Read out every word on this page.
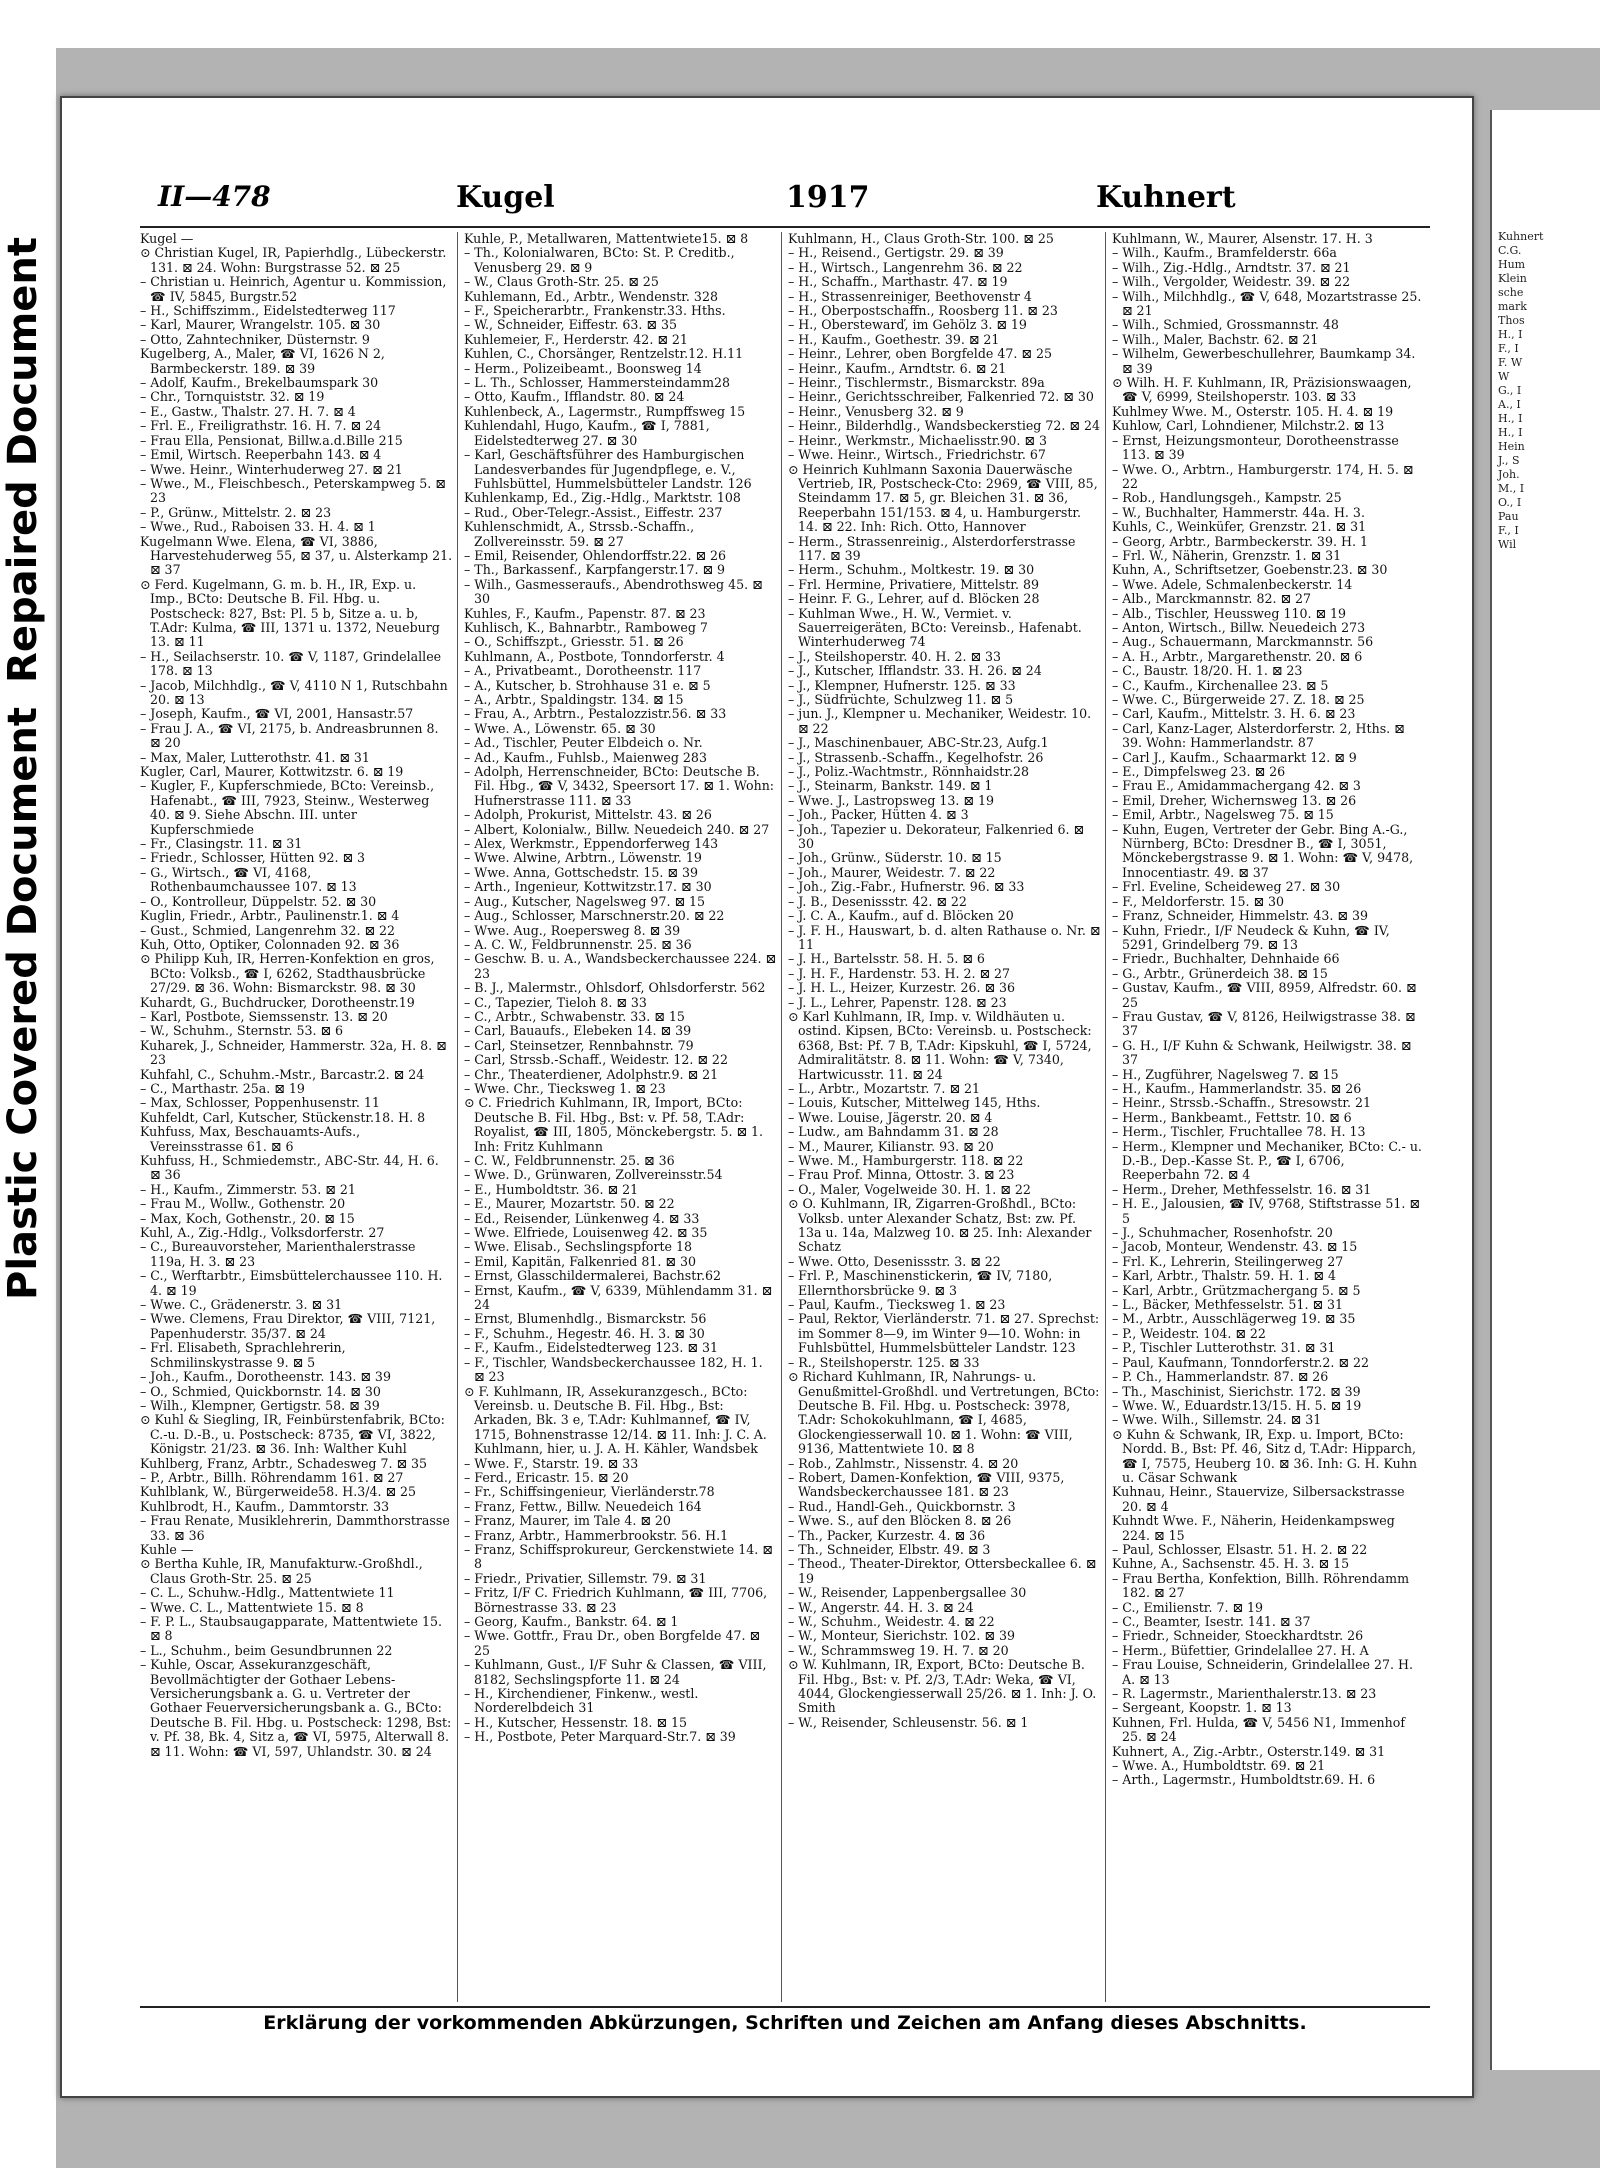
Plastic Covered DocumentRepaired Document
Kuhnert
C.G.
Hum
Klein
sche
mark
Thos
H., I
F., I
F. W
W
G., I
A., I
H., I
H., I
Hein
J., S
Joh.
M., I
O., I
Pau
F., I
Wil
II—478	Kugel	1917	Kuhnert
Kugel —
⊙ Christian Kugel, IR, Papierhdlg., Lübeckerstr. 131. ⊠ 24. Wohn: Burgstrasse 52. ⊠ 25
– Christian u. Heinrich, Agentur u. Kommission, ☎ IV, 5845, Burgstr.52
– H., Schiffszimm., Eidelstedterweg 117
– Karl, Maurer, Wrangelstr. 105. ⊠ 30
– Otto, Zahntechniker, Düsternstr. 9
Kugelberg, A., Maler, ☎ VI, 1626 N 2, Barmbeckerstr. 189. ⊠ 39
– Adolf, Kaufm., Brekelbaumspark 30
– Chr., Tornquiststr. 32. ⊠ 19
– E., Gastw., Thalstr. 27. H. 7. ⊠ 4
– Frl. E., Freiligrathstr. 16. H. 7. ⊠ 24
– Frau Ella, Pensionat, Billw.a.d.Bille 215
– Emil, Wirtsch. Reeperbahn 143. ⊠ 4
– Wwe. Heinr., Winterhuderweg 27. ⊠ 21
– Wwe., M., Fleischbesch., Peterskampweg 5. ⊠ 23
– P., Grünw., Mittelstr. 2. ⊠ 23
– Wwe., Rud., Raboisen 33. H. 4. ⊠ 1
Kugelmann Wwe. Elena, ☎ VI, 3886, Harvestehuderweg 55, ⊠ 37, u. Alsterkamp 21. ⊠ 37
⊙ Ferd. Kugelmann, G. m. b. H., IR, Exp. u. Imp., BCto: Deutsche B. Fil. Hbg. u. Postscheck: 827, Bst: Pl. 5 b, Sitze a. u. b, T.Adr: Kulma, ☎ III, 1371 u. 1372, Neueburg 13. ⊠ 11
– H., Seilachserstr. 10. ☎ V, 1187, Grindelallee 178. ⊠ 13
– Jacob, Milchhdlg., ☎ V, 4110 N 1, Rutschbahn 20. ⊠ 13
– Joseph, Kaufm., ☎ VI, 2001, Hansastr.57
– Frau J. A., ☎ VI, 2175, b. Andreasbrunnen 8. ⊠ 20
– Max, Maler, Lutterothstr. 41. ⊠ 31
Kugler, Carl, Maurer, Kottwitzstr. 6. ⊠ 19
– Kugler, F., Kupferschmiede, BCto: Vereinsb., Hafenabt., ☎ III, 7923, Steinw., Westerweg 40. ⊠ 9. Siehe Abschn. III. unter Kupferschmiede
– Fr., Clasingstr. 11. ⊠ 31
– Friedr., Schlosser, Hütten 92. ⊠ 3
– G., Wirtsch., ☎ VI, 4168, Rothenbaumchaussee 107. ⊠ 13
– O., Kontrolleur, Düppelstr. 52. ⊠ 30
Kuglin, Friedr., Arbtr., Paulinenstr.1. ⊠ 4
– Gust., Schmied, Langenrehm 32. ⊠ 22
Kuh, Otto, Optiker, Colonnaden 92. ⊠ 36
⊙ Philipp Kuh, IR, Herren-Konfektion en gros, BCto: Volksb., ☎ I, 6262, Stadthausbrücke 27/29. ⊠ 36. Wohn: Bismarckstr. 98. ⊠ 30
Kuhardt, G., Buchdrucker, Dorotheenstr.19
– Karl, Postbote, Siemssenstr. 13. ⊠ 20
– W., Schuhm., Sternstr. 53. ⊠ 6
Kuharek, J., Schneider, Hammerstr. 32a, H. 8. ⊠ 23
Kuhfahl, C., Schuhm.-Mstr., Barcastr.2. ⊠ 24
– C., Marthastr. 25a. ⊠ 19
– Max, Schlosser, Poppenhusenstr. 11
Kuhfeldt, Carl, Kutscher, Stückenstr.18. H. 8
Kuhfuss, Max, Beschauamts-Aufs., Vereinsstrasse 61. ⊠ 6
Kuhfuss, H., Schmiedemstr., ABC-Str. 44, H. 6. ⊠ 36
– H., Kaufm., Zimmerstr. 53. ⊠ 21
– Frau M., Wollw., Gothenstr. 20
– Max, Koch, Gothenstr., 20. ⊠ 15
Kuhl, A., Zig.-Hdlg., Volksdorferstr. 27
– C., Bureauvorsteher, Marienthalerstrasse 119a, H. 3. ⊠ 23
– C., Werftarbtr., Eimsbüttelerchaussee 110. H. 4. ⊠ 19
– Wwe. C., Grädenerstr. 3. ⊠ 31
– Wwe. Clemens, Frau Direktor, ☎ VIII, 7121, Papenhuderstr. 35/37. ⊠ 24
– Frl. Elisabeth, Sprachlehrerin, Schmilinskystrasse 9. ⊠ 5
– Joh., Kaufm., Dorotheenstr. 143. ⊠ 39
– O., Schmied, Quickbornstr. 14. ⊠ 30
– Wilh., Klempner, Gertigstr. 58. ⊠ 39
⊙ Kuhl & Siegling, IR, Feinbürstenfabrik, BCto: C.-u. D.-B., u. Postscheck: 8735, ☎ VI, 3822, Königstr. 21/23. ⊠ 36. Inh: Walther Kuhl
Kuhlberg, Franz, Arbtr., Schadesweg 7. ⊠ 35
– P., Arbtr., Billh. Röhrendamm 161. ⊠ 27
Kuhlblank, W., Bürgerweide58. H.3/4. ⊠ 25
Kuhlbrodt, H., Kaufm., Dammtorstr. 33
– Frau Renate, Musiklehrerin, Dammthorstrasse 33. ⊠ 36
Kuhle —
⊙ Bertha Kuhle, IR, Manufakturw.-Großhdl., Claus Groth-Str. 25. ⊠ 25
– C. L., Schuhw.-Hdlg., Mattentwiete 11
– Wwe. C. L., Mattentwiete 15. ⊠ 8
– F. P. L., Staubsaugapparate, Mattentwiete 15. ⊠ 8
– L., Schuhm., beim Gesundbrunnen 22
– Kuhle, Oscar, Assekuranzgeschäft, Bevollmächtigter der Gothaer Lebens-Versicherungsbank a. G. u. Vertreter der Gothaer Feuerversicherungsbank a. G., BCto: Deutsche B. Fil. Hbg. u. Postscheck: 1298, Bst: v. Pf. 38, Bk. 4, Sitz a, ☎ VI, 5975, Alterwall 8. ⊠ 11. Wohn: ☎ VI, 597, Uhlandstr. 30. ⊠ 24
Kuhle, P., Metallwaren, Mattentwiete15. ⊠ 8
– Th., Kolonialwaren, BCto: St. P. Creditb., Venusberg 29. ⊠ 9
– W., Claus Groth-Str. 25. ⊠ 25
Kuhlemann, Ed., Arbtr., Wendenstr. 328
– F., Speicherarbtr., Frankenstr.33. Hths.
– W., Schneider, Eiffestr. 63. ⊠ 35
Kuhlemeier, F., Herderstr. 42. ⊠ 21
Kuhlen, C., Chorsänger, Rentzelstr.12. H.11
– Herm., Polizeibeamt., Boonsweg 14
– L. Th., Schlosser, Hammersteindamm28
– Otto, Kaufm., Ifflandstr. 80. ⊠ 24
Kuhlenbeck, A., Lagermstr., Rumpffsweg 15
Kuhlendahl, Hugo, Kaufm., ☎ I, 7881, Eidelstedterweg 27. ⊠ 30
– Karl, Geschäftsführer des Hamburgischen Landesverbandes für Jugendpflege, e. V., Fuhlsbüttel, Hummelsbütteler Landstr. 126
Kuhlenkamp, Ed., Zig.-Hdlg., Marktstr. 108
– Rud., Ober-Telegr.-Assist., Eiffestr. 237
Kuhlenschmidt, A., Strssb.-Schaffn., Zollvereinsstr. 59. ⊠ 27
– Emil, Reisender, Ohlendorffstr.22. ⊠ 26
– Th., Barkassenf., Karpfangerstr.17. ⊠ 9
– Wilh., Gasmesseraufs., Abendrothsweg 45. ⊠ 30
Kuhles, F., Kaufm., Papenstr. 87. ⊠ 23
Kuhlisch, K., Bahnarbtr., Ramboweg 7
– O., Schiffszpt., Griesstr. 51. ⊠ 26
Kuhlmann, A., Postbote, Tonndorferstr. 4
– A., Privatbeamt., Dorotheenstr. 117
– A., Kutscher, b. Strohhause 31 e. ⊠ 5
– A., Arbtr., Spaldingstr. 134. ⊠ 15
– Frau, A., Arbtrn., Pestalozzistr.56. ⊠ 33
– Wwe. A., Löwenstr. 65. ⊠ 30
– Ad., Tischler, Peuter Elbdeich o. Nr.
– Ad., Kaufm., Fuhlsb., Maienweg 283
– Adolph, Herrenschneider, BCto: Deutsche B. Fil. Hbg., ☎ V, 3432, Speersort 17. ⊠ 1. Wohn: Hufnerstrasse 111. ⊠ 33
– Adolph, Prokurist, Mittelstr. 43. ⊠ 26
– Albert, Kolonialw., Billw. Neuedeich 240. ⊠ 27
– Alex, Werkmstr., Eppendorferweg 143
– Wwe. Alwine, Arbtrn., Löwenstr. 19
– Wwe. Anna, Gottschedstr. 15. ⊠ 39
– Arth., Ingenieur, Kottwitzstr.17. ⊠ 30
– Aug., Kutscher, Nagelsweg 97. ⊠ 15
– Aug., Schlosser, Marschnerstr.20. ⊠ 22
– Wwe. Aug., Roepersweg 8. ⊠ 39
– A. C. W., Feldbrunnenstr. 25. ⊠ 36
– Geschw. B. u. A., Wandsbeckerchaussee 224. ⊠ 23
– B. J., Malermstr., Ohlsdorf, Ohlsdorferstr. 562
– C., Tapezier, Tieloh 8. ⊠ 33
– C., Arbtr., Schwabenstr. 33. ⊠ 15
– Carl, Bauaufs., Elebeken 14. ⊠ 39
– Carl, Steinsetzer, Rennbahnstr. 79
– Carl, Strssb.-Schaff., Weidestr. 12. ⊠ 22
– Chr., Theaterdiener, Adolphstr.9. ⊠ 21
– Wwe. Chr., Tiecksweg 1. ⊠ 23
⊙ C. Friedrich Kuhlmann, IR, Import, BCto: Deutsche B. Fil. Hbg., Bst: v. Pf. 58, T.Adr: Royalist, ☎ III, 1805, Mönckebergstr. 5. ⊠ 1. Inh: Fritz Kuhlmann
– C. W., Feldbrunnenstr. 25. ⊠ 36
– Wwe. D., Grünwaren, Zollvereinsstr.54
– E., Humboldtstr. 36. ⊠ 21
– E., Maurer, Mozartstr. 50. ⊠ 22
– Ed., Reisender, Lünkenweg 4. ⊠ 33
– Wwe. Elfriede, Louisenweg 42. ⊠ 35
– Wwe. Elisab., Sechslingspforte 18
– Emil, Kapitän, Falkenried 81. ⊠ 30
– Ernst, Glasschildermalerei, Bachstr.62
– Ernst, Kaufm., ☎ V, 6339, Mühlendamm 31. ⊠ 24
– Ernst, Blumenhdlg., Bismarckstr. 56
– F., Schuhm., Hegestr. 46. H. 3. ⊠ 30
– F., Kaufm., Eidelstedterweg 123. ⊠ 31
– F., Tischler, Wandsbeckerchaussee 182, H. 1. ⊠ 23
⊙ F. Kuhlmann, IR, Assekuranzgesch., BCto: Vereinsb. u. Deutsche B. Fil. Hbg., Bst: Arkaden, Bk. 3 e, T.Adr: Kuhlmannef, ☎ IV, 1715, Bohnenstrasse 12/14. ⊠ 11. Inh: J. C. A. Kuhlmann, hier, u. J. A. H. Kähler, Wandsbek
– Wwe. F., Starstr. 19. ⊠ 33
– Ferd., Ericastr. 15. ⊠ 20
– Fr., Schiffsingenieur, Vierländerstr.78
– Franz, Fettw., Billw. Neuedeich 164
– Franz, Maurer, im Tale 4. ⊠ 20
– Franz, Arbtr., Hammerbrookstr. 56. H.1
– Franz, Schiffsprokureur, Gerckenstwiete 14. ⊠ 8
– Friedr., Privatier, Sillemstr. 79. ⊠ 31
– Fritz, I/F C. Friedrich Kuhlmann, ☎ III, 7706, Börnestrasse 33. ⊠ 23
– Georg, Kaufm., Bankstr. 64. ⊠ 1
– Wwe. Gottfr., Frau Dr., oben Borgfelde 47. ⊠ 25
– Kuhlmann, Gust., I/F Suhr & Classen, ☎ VIII, 8182, Sechslingspforte 11. ⊠ 24
– H., Kirchendiener, Finkenw., westl. Norderelbdeich 31
– H., Kutscher, Hessenstr. 18. ⊠ 15
– H., Postbote, Peter Marquard-Str.7. ⊠ 39
Kuhlmann, H., Claus Groth-Str. 100. ⊠ 25
– H., Reisend., Gertigstr. 29. ⊠ 39
– H., Wirtsch., Langenrehm 36. ⊠ 22
– H., Schaffn., Marthastr. 47. ⊠ 19
– H., Strassenreiniger, Beethovenstr 4
– H., Oberpostschaffn., Roosberg 11. ⊠ 23
– H., Oberstewarď, im Gehölz 3. ⊠ 19
– H., Kaufm., Goethestr. 39. ⊠ 21
– Heinr., Lehrer, oben Borgfelde 47. ⊠ 25
– Heinr., Kaufm., Arndtstr. 6. ⊠ 21
– Heinr., Tischlermstr., Bismarckstr. 89a
– Heinr., Gerichtsschreiber, Falkenried 72. ⊠ 30
– Heinr., Venusberg 32. ⊠ 9
– Heinr., Bilderhdlg., Wandsbeckerstieg 72. ⊠ 24
– Heinr., Werkmstr., Michaelisstr.90. ⊠ 3
– Wwe. Heinr., Wirtsch., Friedrichstr. 67
⊙ Heinrich Kuhlmann Saxonia Dauerwäsche Vertrieb, IR, Postscheck-Cto: 2969, ☎ VIII, 85, Steindamm 17. ⊠ 5, gr. Bleichen 31. ⊠ 36, Reeperbahn 151/153. ⊠ 4, u. Hamburgerstr. 14. ⊠ 22. Inh: Rich. Otto, Hannover
– Herm., Strassenreinig., Alsterdorferstrasse 117. ⊠ 39
– Herm., Schuhm., Moltkestr. 19. ⊠ 30
– Frl. Hermine, Privatiere, Mittelstr. 89
– Heinr. F. G., Lehrer, auf d. Blöcken 28
– Kuhlman Wwe., H. W., Vermiet. v. Sauerreigeräten, BCto: Vereinsb., Hafenabt. Winterhuderweg 74
– J., Steilshoperstr. 40. H. 2. ⊠ 33
– J., Kutscher, Ifflandstr. 33. H. 26. ⊠ 24
– J., Klempner, Hufnerstr. 125. ⊠ 33
– J., Südfrüchte, Schulzweg 11. ⊠ 5
– jun. J., Klempner u. Mechaniker, Weidestr. 10. ⊠ 22
– J., Maschinenbauer, ABC-Str.23, Aufg.1
– J., Strassenb.-Schaffn., Kegelhofstr. 26
– J., Poliz.-Wachtmstr., Rönnhaidstr.28
– J., Steinarm, Bankstr. 149. ⊠ 1
– Wwe. J., Lastropsweg 13. ⊠ 19
– Joh., Packer, Hütten 4. ⊠ 3
– Joh., Tapezier u. Dekorateur, Falkenried 6. ⊠ 30
– Joh., Grünw., Süderstr. 10. ⊠ 15
– Joh., Maurer, Weidestr. 7. ⊠ 22
– Joh., Zig.-Fabr., Hufnerstr. 96. ⊠ 33
– J. B., Desenissstr. 42. ⊠ 22
– J. C. A., Kaufm., auf d. Blöcken 20
– J. F. H., Hauswart, b. d. alten Rathause o. Nr. ⊠ 11
– J. H., Bartelsstr. 58. H. 5. ⊠ 6
– J. H. F., Hardenstr. 53. H. 2. ⊠ 27
– J. H. L., Heizer, Kurzestr. 26. ⊠ 36
– J. L., Lehrer, Papenstr. 128. ⊠ 23
⊙ Karl Kuhlmann, IR, Imp. v. Wildhäuten u. ostind. Kipsen, BCto: Vereinsb. u. Postscheck: 6368, Bst: Pf. 7 B, T.Adr: Kipskuhl, ☎ I, 5724, Admiralitätstr. 8. ⊠ 11. Wohn: ☎ V, 7340, Hartwicusstr. 11. ⊠ 24
– L., Arbtr., Mozartstr. 7. ⊠ 21
– Louis, Kutscher, Mittelweg 145, Hths.
– Wwe. Louise, Jägerstr. 20. ⊠ 4
– Ludw., am Bahndamm 31. ⊠ 28
– M., Maurer, Kilianstr. 93. ⊠ 20
– Wwe. M., Hamburgerstr. 118. ⊠ 22
– Frau Prof. Minna, Ottostr. 3. ⊠ 23
– O., Maler, Vogelweide 30. H. 1. ⊠ 22
⊙ O. Kuhlmann, IR, Zigarren-Großhdl., BCto: Volksb. unter Alexander Schatz, Bst: zw. Pf. 13a u. 14a, Malzweg 10. ⊠ 25. Inh: Alexander Schatz
– Wwe. Otto, Desenissstr. 3. ⊠ 22
– Frl. P., Maschinenstickerin, ☎ IV, 7180, Ellernthorsbrücke 9. ⊠ 3
– Paul, Kaufm., Tiecksweg 1. ⊠ 23
– Paul, Rektor, Vierländerstr. 71. ⊠ 27. Sprechst: im Sommer 8—9, im Winter 9—10. Wohn: in Fuhlsbüttel, Hummelsbütteler Landstr. 123
– R., Steilshoperstr. 125. ⊠ 33
⊙ Richard Kuhlmann, IR, Nahrungs- u. Genußmittel-Großhdl. und Vertretungen, BCto: Deutsche B. Fil. Hbg. u. Postscheck: 3978, T.Adr: Schokokuhlmann, ☎ I, 4685, Glockengiesserwall 10. ⊠ 1. Wohn: ☎ VIII, 9136, Mattentwiete 10. ⊠ 8
– Rob., Zahlmstr., Nissenstr. 4. ⊠ 20
– Robert, Damen-Konfektion, ☎ VIII, 9375, Wandsbeckerchaussee 181. ⊠ 23
– Rud., Handl-Geh., Quickbornstr. 3
– Wwe. S., auf den Blöcken 8. ⊠ 26
– Th., Packer, Kurzestr. 4. ⊠ 36
– Th., Schneider, Elbstr. 49. ⊠ 3
– Theod., Theater-Direktor, Ottersbeckallee 6. ⊠ 19
– W., Reisender, Lappenbergsallee 30
– W., Angerstr. 44. H. 3. ⊠ 24
– W., Schuhm., Weidestr. 4. ⊠ 22
– W., Monteur, Sierichstr. 102. ⊠ 39
– W., Schrammsweg 19. H. 7. ⊠ 20
⊙ W. Kuhlmann, IR, Export, BCto: Deutsche B. Fil. Hbg., Bst: v. Pf. 2/3, T.Adr: Weka, ☎ VI, 4044, Glockengiesserwall 25/26. ⊠ 1. Inh: J. O. Smith
– W., Reisender, Schleusenstr. 56. ⊠ 1
Kuhlmann, W., Maurer, Alsenstr. 17. H. 3
– Wilh., Kaufm., Bramfelderstr. 66a
– Wilh., Zig.-Hdlg., Arndtstr. 37. ⊠ 21
– Wilh., Vergolder, Weidestr. 39. ⊠ 22
– Wilh., Milchhdlg., ☎ V, 648, Mozartstrasse 25. ⊠ 21
– Wilh., Schmied, Grossmannstr. 48
– Wilh., Maler, Bachstr. 62. ⊠ 21
– Wilhelm, Gewerbeschullehrer, Baumkamp 34. ⊠ 39
⊙ Wilh. H. F. Kuhlmann, IR, Präzisionswaagen, ☎ V, 6999, Steilshoperstr. 103. ⊠ 33
Kuhlmey Wwe. M., Osterstr. 105. H. 4. ⊠ 19
Kuhlow, Carl, Lohndiener, Milchstr.2. ⊠ 13
– Ernst, Heizungsmonteur, Dorotheenstrasse 113. ⊠ 39
– Wwe. O., Arbtrn., Hamburgerstr. 174, H. 5. ⊠ 22
– Rob., Handlungsgeh., Kampstr. 25
– W., Buchhalter, Hammerstr. 44a. H. 3.
Kuhls, C., Weinküfer, Grenzstr. 21. ⊠ 31
– Georg, Arbtr., Barmbeckerstr. 39. H. 1
– Frl. W., Näherin, Grenzstr. 1. ⊠ 31
Kuhn, A., Schriftsetzer, Goebenstr.23. ⊠ 30
– Wwe. Adele, Schmalenbeckerstr. 14
– Alb., Marckmannstr. 82. ⊠ 27
– Alb., Tischler, Heussweg 110. ⊠ 19
– Anton, Wirtsch., Billw. Neuedeich 273
– Aug., Schauermann, Marckmannstr. 56
– A. H., Arbtr., Margarethenstr. 20. ⊠ 6
– C., Baustr. 18/20. H. 1. ⊠ 23
– C., Kaufm., Kirchenallee 23. ⊠ 5
– Wwe. C., Bürgerweide 27. Z. 18. ⊠ 25
– Carl, Kaufm., Mittelstr. 3. H. 6. ⊠ 23
– Carl, Kanz-Lager, Alsterdorferstr. 2, Hths. ⊠ 39. Wohn: Hammerlandstr. 87
– Carl J., Kaufm., Schaarmarkt 12. ⊠ 9
– E., Dimpfelsweg 23. ⊠ 26
– Frau E., Amidammachergang 42. ⊠ 3
– Emil, Dreher, Wichernsweg 13. ⊠ 26
– Emil, Arbtr., Nagelsweg 75. ⊠ 15
– Kuhn, Eugen, Vertreter der Gebr. Bing A.-G., Nürnberg, BCto: Dresdner B., ☎ I, 3051, Mönckebergstrasse 9. ⊠ 1. Wohn: ☎ V, 9478, Innocentiastr. 49. ⊠ 37
– Frl. Eveline, Scheideweg 27. ⊠ 30
– F., Meldorferstr. 15. ⊠ 30
– Franz, Schneider, Himmelstr. 43. ⊠ 39
– Kuhn, Friedr., I/F Neudeck & Kuhn, ☎ IV, 5291, Grindelberg 79. ⊠ 13
– Friedr., Buchhalter, Dehnhaide 66
– G., Arbtr., Grünerdeich 38. ⊠ 15
– Gustav, Kaufm., ☎ VIII, 8959, Alfredstr. 60. ⊠ 25
– Frau Gustav, ☎ V, 8126, Heilwigstrasse 38. ⊠ 37
– G. H., I/F Kuhn & Schwank, Heilwigstr. 38. ⊠ 37
– H., Zugführer, Nagelsweg 7. ⊠ 15
– H., Kaufm., Hammerlandstr. 35. ⊠ 26
– Heinr., Strssb.-Schaffn., Stresowstr. 21
– Herm., Bankbeamt., Fettstr. 10. ⊠ 6
– Herm., Tischler, Fruchtallee 78. H. 13
– Herm., Klempner und Mechaniker, BCto: C.- u. D.-B., Dep.-Kasse St. P., ☎ I, 6706, Reeperbahn 72. ⊠ 4
– Herm., Dreher, Methfesselstr. 16. ⊠ 31
– H. E., Jalousien, ☎ IV, 9768, Stiftstrasse 51. ⊠ 5
– J., Schuhmacher, Rosenhofstr. 20
– Jacob, Monteur, Wendenstr. 43. ⊠ 15
– Frl. K., Lehrerin, Steilingerweg 27
– Karl, Arbtr., Thalstr. 59. H. 1. ⊠ 4
– Karl, Arbtr., Grützmachergang 5. ⊠ 5
– L., Bäcker, Methfesselstr. 51. ⊠ 31
– M., Arbtr., Ausschlägerweg 19. ⊠ 35
– P., Weidestr. 104. ⊠ 22
– P., Tischler Lutterothstr. 31. ⊠ 31
– Paul, Kaufmann, Tonndorferstr.2. ⊠ 22
– P. Ch., Hammerlandstr. 87. ⊠ 26
– Th., Maschinist, Sierichstr. 172. ⊠ 39
– Wwe. W., Eduardstr.13/15. H. 5. ⊠ 19
– Wwe. Wilh., Sillemstr. 24. ⊠ 31
⊙ Kuhn & Schwank, IR, Exp. u. Import, BCto: Nordd. B., Bst: Pf. 46, Sitz d, T.Adr: Hipparch, ☎ I, 7575, Heuberg 10. ⊠ 36. Inh: G. H. Kuhn u. Cäsar Schwank
Kuhnau, Heinr., Stauervize, Silbersackstrasse 20. ⊠ 4
Kuhndt Wwe. F., Näherin, Heidenkampsweg 224. ⊠ 15
– Paul, Schlosser, Elsastr. 51. H. 2. ⊠ 22
Kuhne, A., Sachsenstr. 45. H. 3. ⊠ 15
– Frau Bertha, Konfektion, Billh. Röhrendamm 182. ⊠ 27
– C., Emilienstr. 7. ⊠ 19
– C., Beamter, Isestr. 141. ⊠ 37
– Friedr., Schneider, Stoeckhardtstr. 26
– Herm., Büfettier, Grindelallee 27. H. A
– Frau Louise, Schneiderin, Grindelallee 27. H. A. ⊠ 13
– R. Lagermstr., Marienthalerstr.13. ⊠ 23
– Sergeant, Koopstr. 1. ⊠ 13
Kuhnen, Frl. Hulda, ☎ V, 5456 N1, Immenhof 25. ⊠ 24
Kuhnert, A., Zig.-Arbtr., Osterstr.149. ⊠ 31
– Wwe. A., Humboldtstr. 69. ⊠ 21
– Arth., Lagermstr., Humboldtstr.69. H. 6
Erklärung der vorkommenden Abkürzungen, Schriften und Zeichen am Anfang dieses Abschnitts.
